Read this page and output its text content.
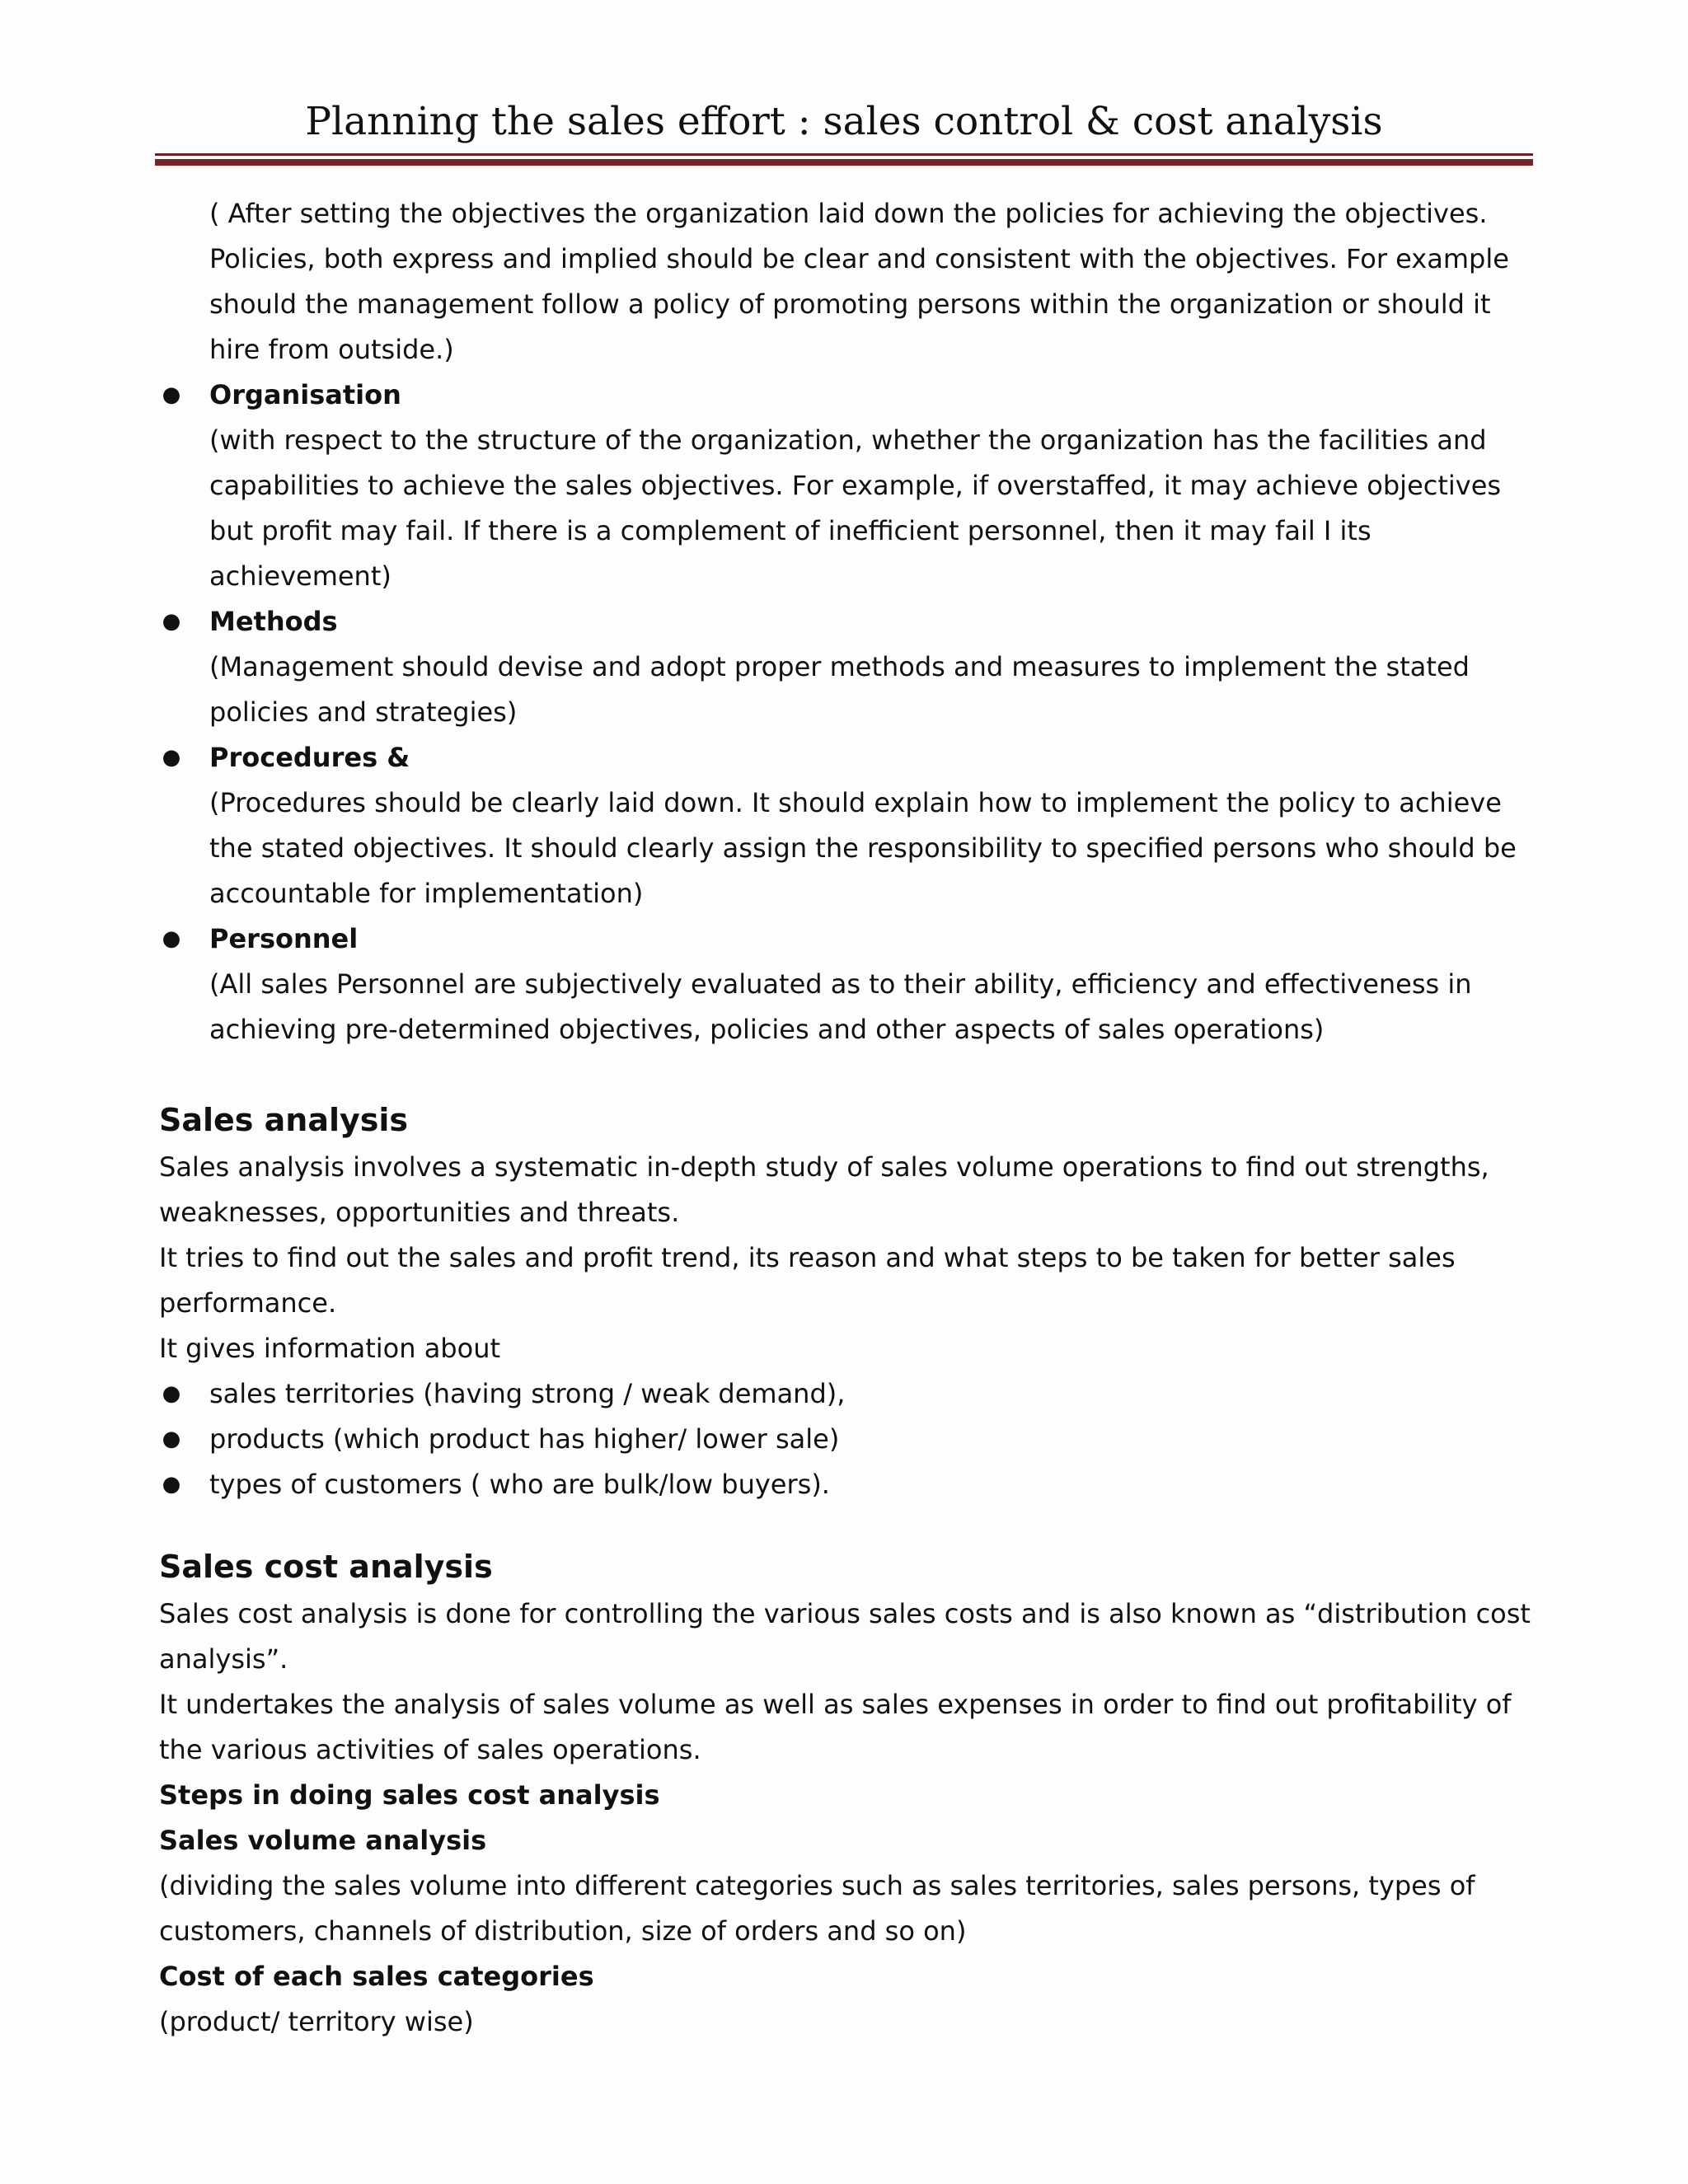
Planning the sales effort : sales control & cost analysis

( After setting the objectives the organization laid down the policies for achieving the objectives. Policies, both express and implied should be clear and consistent with the objectives. For example should the management follow a policy of promoting persons within the organization or should it hire from outside.)

● Organisation
(with respect to the structure of the organization, whether the organization has the facilities and capabilities to achieve the sales objectives. For example, if overstaffed, it may achieve objectives but profit may fail. If there is a complement of inefficient personnel, then it may fail I its achievement)
● Methods
(Management should devise and adopt proper methods and measures to implement the stated policies and strategies)
● Procedures &
(Procedures should be clearly laid down. It should explain how to implement the policy to achieve the stated objectives. It should clearly assign the responsibility to specified persons who should be accountable for implementation)
● Personnel
(All sales Personnel are subjectively evaluated as to their ability, efficiency and effectiveness in achieving pre-determined objectives, policies and other aspects of sales operations)
Sales analysis

Sales analysis involves a systematic in-depth study of sales volume operations to find out strengths, weaknesses, opportunities and threats.

It tries to find out the sales and profit trend, its reason and what steps to be taken for better sales performance.

It gives information about

● sales territories (having strong / weak demand),
● products (which product has higher/ lower sale)
● types of customers ( who are bulk/low buyers).
Sales cost analysis

Sales cost analysis is done for controlling the various sales costs and is also known as “distribution cost analysis”.

It undertakes the analysis of sales volume as well as sales expenses in order to find out profitability of the various activities of sales operations.

Steps in doing sales cost analysis

Sales volume analysis

(dividing the sales volume into different categories such as sales territories, sales persons, types of customers, channels of distribution, size of orders and so on)

Cost of each sales categories

(product/ territory wise)
